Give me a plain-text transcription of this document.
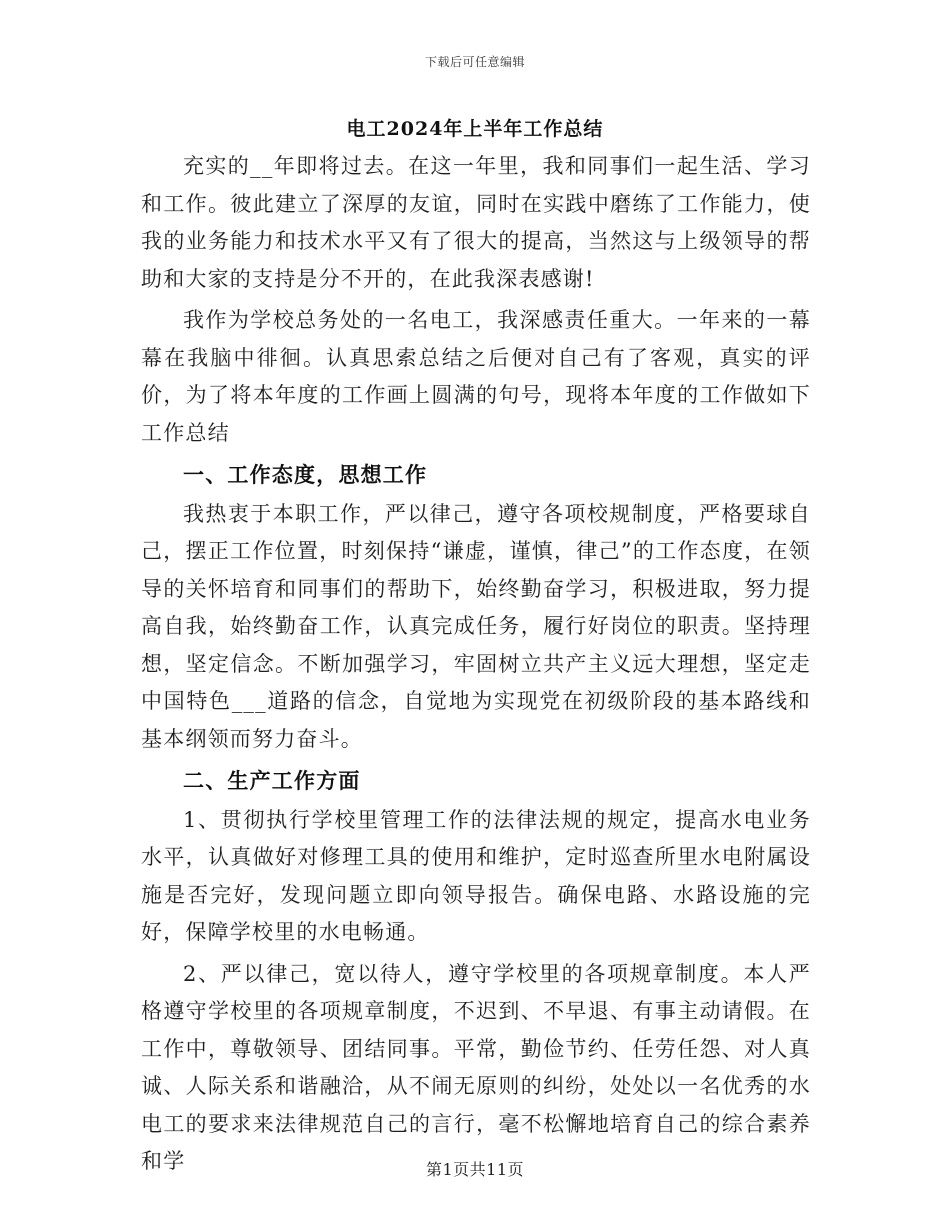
下载后可任意编辑
电工2024年上半年工作总结

充实的__年即将过去。在这一年里，我和同事们一起生活、学习和工作。彼此建立了深厚的友谊，同时在实践中磨练了工作能力，使我的业务能力和技术水平又有了很大的提高，当然这与上级领导的帮助和大家的支持是分不开的，在此我深表感谢!

我作为学校总务处的一名电工，我深感责任重大。一年来的一幕幕在我脑中徘徊。认真思索总结之后便对自己有了客观，真实的评价，为了将本年度的工作画上圆满的句号，现将本年度的工作做如下工作总结

一、工作态度，思想工作

我热衷于本职工作，严以律己，遵守各项校规制度，严格要球自己，摆正工作位置，时刻保持“谦虚，谨慎，律己”的工作态度，在领导的关怀培育和同事们的帮助下，始终勤奋学习，积极进取，努力提高自我，始终勤奋工作，认真完成任务，履行好岗位的职责。坚持理想，坚定信念。不断加强学习，牢固树立共产主义远大理想，坚定走中国特色___道路的信念，自觉地为实现党在初级阶段的基本路线和基本纲领而努力奋斗。

二、生产工作方面

1、贯彻执行学校里管理工作的法律法规的规定，提高水电业务水平，认真做好对修理工具的使用和维护，定时巡查所里水电附属设施是否完好，发现问题立即向领导报告。确保电路、水路设施的完好，保障学校里的水电畅通。

2、严以律己，宽以待人，遵守学校里的各项规章制度。本人严格遵守学校里的各项规章制度，不迟到、不早退、有事主动请假。在工作中，尊敬领导、团结同事。平常，勤俭节约、任劳任怨、对人真诚、人际关系和谐融洽，从不闹无原则的纠纷，处处以一名优秀的水电工的要求来法律规范自己的言行，毫不松懈地培育自己的综合素养和学	第1页共11页
